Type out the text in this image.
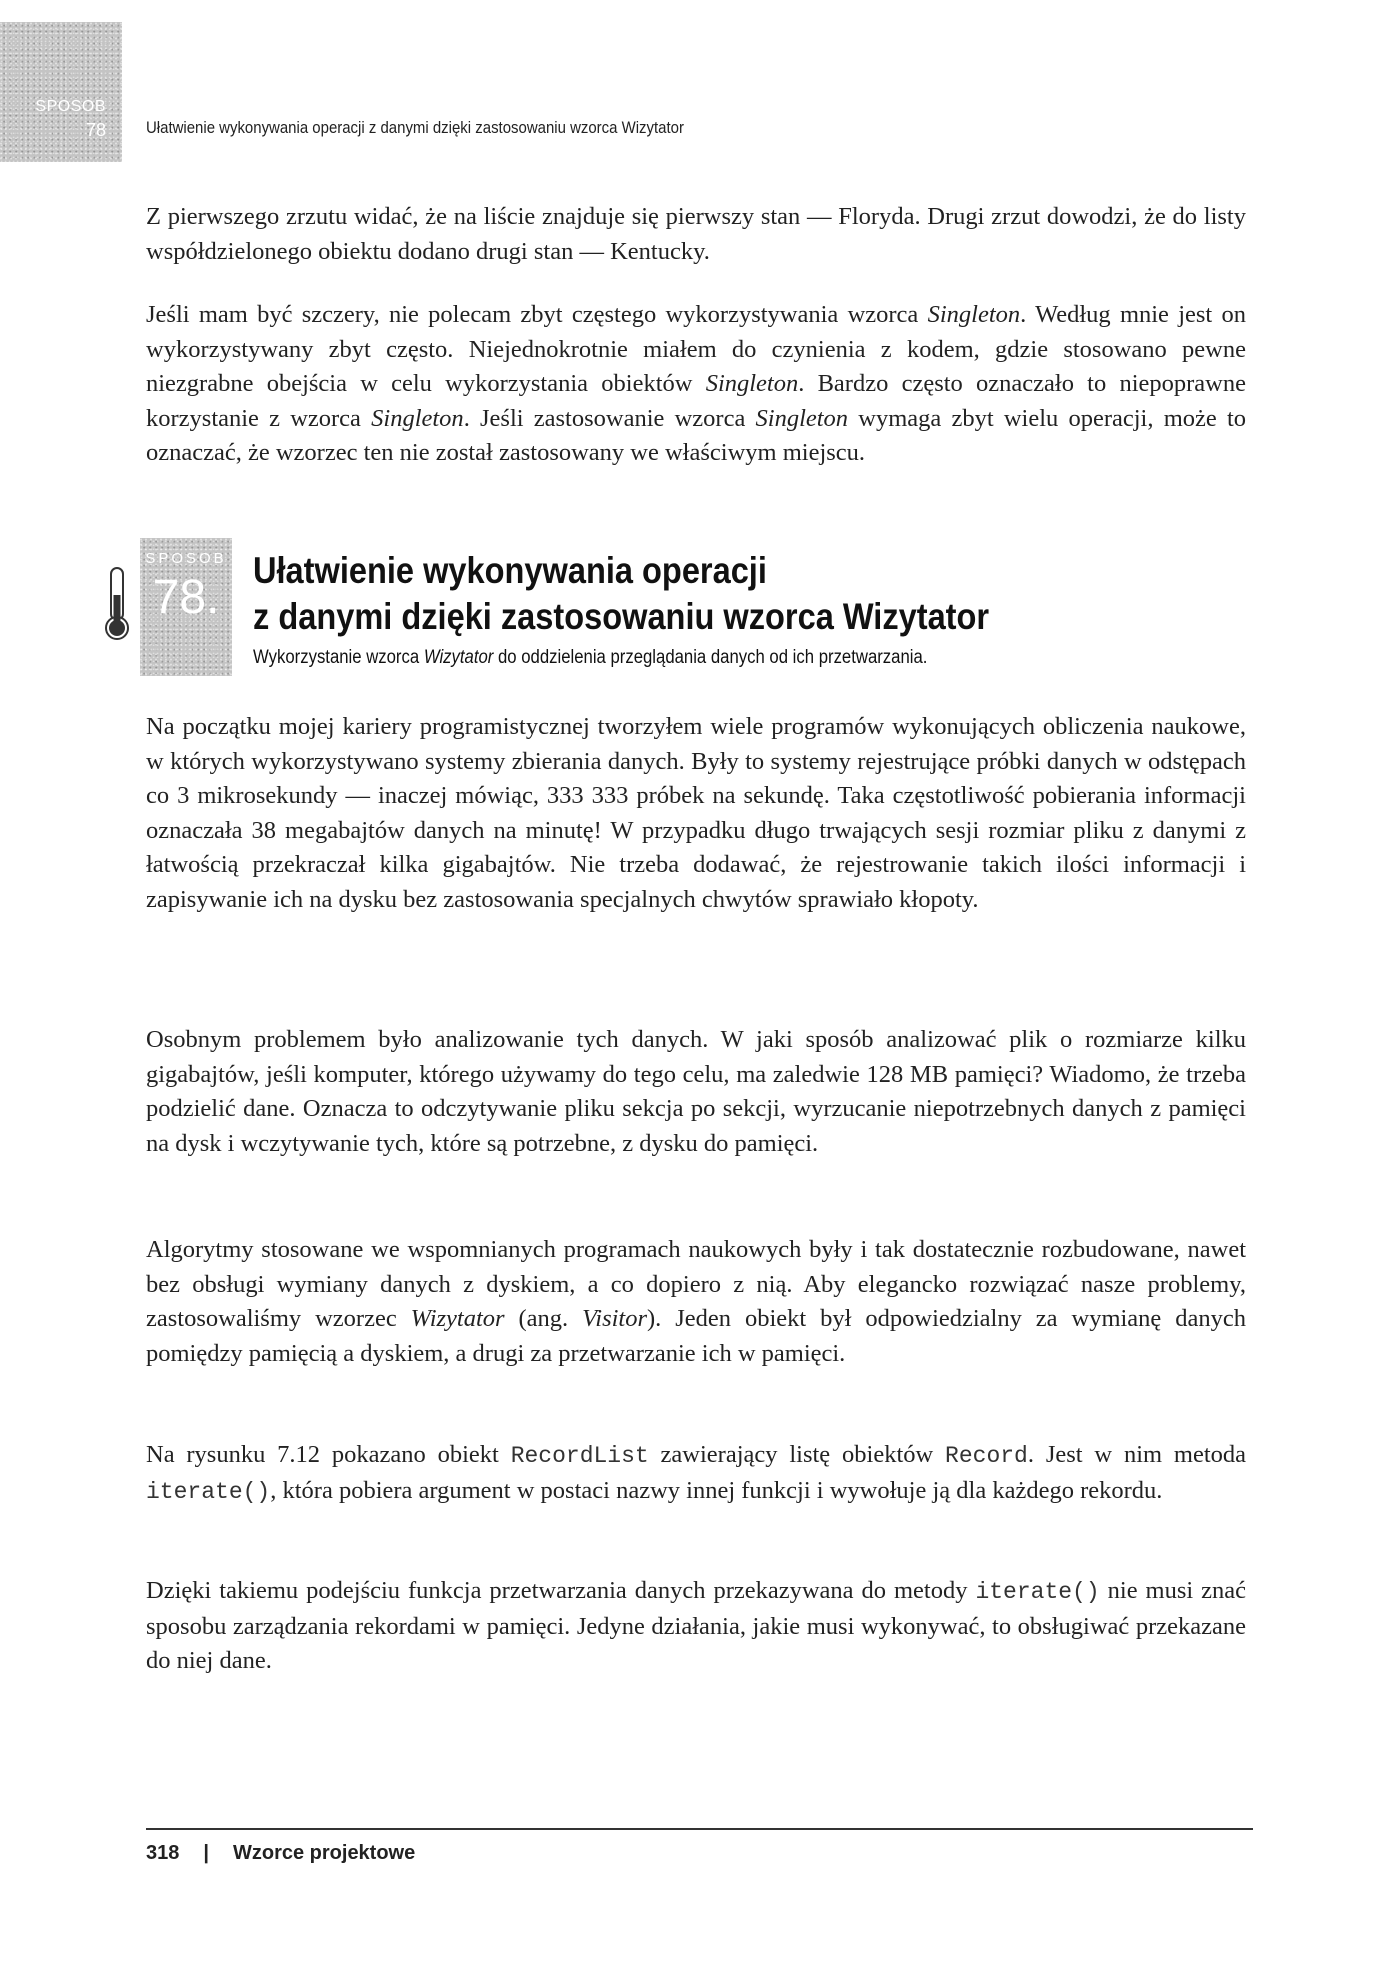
SPOSOB
78 Ułatwienie wykonywania operacji z danymi dzięki zastosowaniu wzorca Wizytator

Z pierwszego zrzutu widać, że na liście znajduje się pierwszy stan — Floryda. Drugi zrzut dowodzi, że do listy współdzielonego obiektu dodano drugi stan — Kentucky.

Jeśli mam być szczery, nie polecam zbyt częstego wykorzystywania wzorca Singleton. Według mnie jest on wykorzystywany zbyt często. Niejednokrotnie miałem do czynienia z kodem, gdzie stosowano pewne niezgrabne obejścia w celu wykorzystania obiektów Singleton. Bardzo często oznaczało to niepoprawne korzystanie z wzorca Singleton. Jeśli zastosowanie wzorca Singleton wymaga zbyt wielu operacji, może to oznaczać, że wzorzec ten nie został zastosowany we właściwym miejscu.

SPOSOB
78.
Ułatwienie wykonywania operacji
z danymi dzięki zastosowaniu wzorca Wizytator

Wykorzystanie wzorca Wizytator do oddzielenia przeglądania danych od ich przetwarzania.

Na początku mojej kariery programistycznej tworzyłem wiele programów wykonujących obliczenia naukowe, w których wykorzystywano systemy zbierania danych. Były to systemy rejestrujące próbki danych w odstępach co 3 mikrosekundy — inaczej mówiąc, 333 333 próbek na sekundę. Taka częstotliwość pobierania informacji oznaczała 38 megabajtów danych na minutę! W przypadku długo trwających sesji rozmiar pliku z danymi z łatwością przekraczał kilka gigabajtów. Nie trzeba dodawać, że rejestrowanie takich ilości informacji i zapisywanie ich na dysku bez zastosowania specjalnych chwytów sprawiało kłopoty.

Osobnym problemem było analizowanie tych danych. W jaki sposób analizować plik o rozmiarze kilku gigabajtów, jeśli komputer, którego używamy do tego celu, ma zaledwie 128 MB pamięci? Wiadomo, że trzeba podzielić dane. Oznacza to odczytywanie pliku sekcja po sekcji, wyrzucanie niepotrzebnych danych z pamięci na dysk i wczytywanie tych, które są potrzebne, z dysku do pamięci.

Algorytmy stosowane we wspomnianych programach naukowych były i tak dostatecznie rozbudowane, nawet bez obsługi wymiany danych z dyskiem, a co dopiero z nią. Aby elegancko rozwiązać nasze problemy, zastosowaliśmy wzorzec Wizytator (ang. Visitor). Jeden obiekt był odpowiedzialny za wymianę danych pomiędzy pamięcią a dyskiem, a drugi za przetwarzanie ich w pamięci.

Na rysunku 7.12 pokazano obiekt RecordList zawierający listę obiektów Record. Jest w nim metoda iterate(), która pobiera argument w postaci nazwy innej funkcji i wywołuje ją dla każdego rekordu.

Dzięki takiemu podejściu funkcja przetwarzania danych przekazywana do metody iterate() nie musi znać sposobu zarządzania rekordami w pamięci. Jedyne działania, jakie musi wykonywać, to obsługiwać przekazane do niej dane.

318 | Wzorce projektowe
